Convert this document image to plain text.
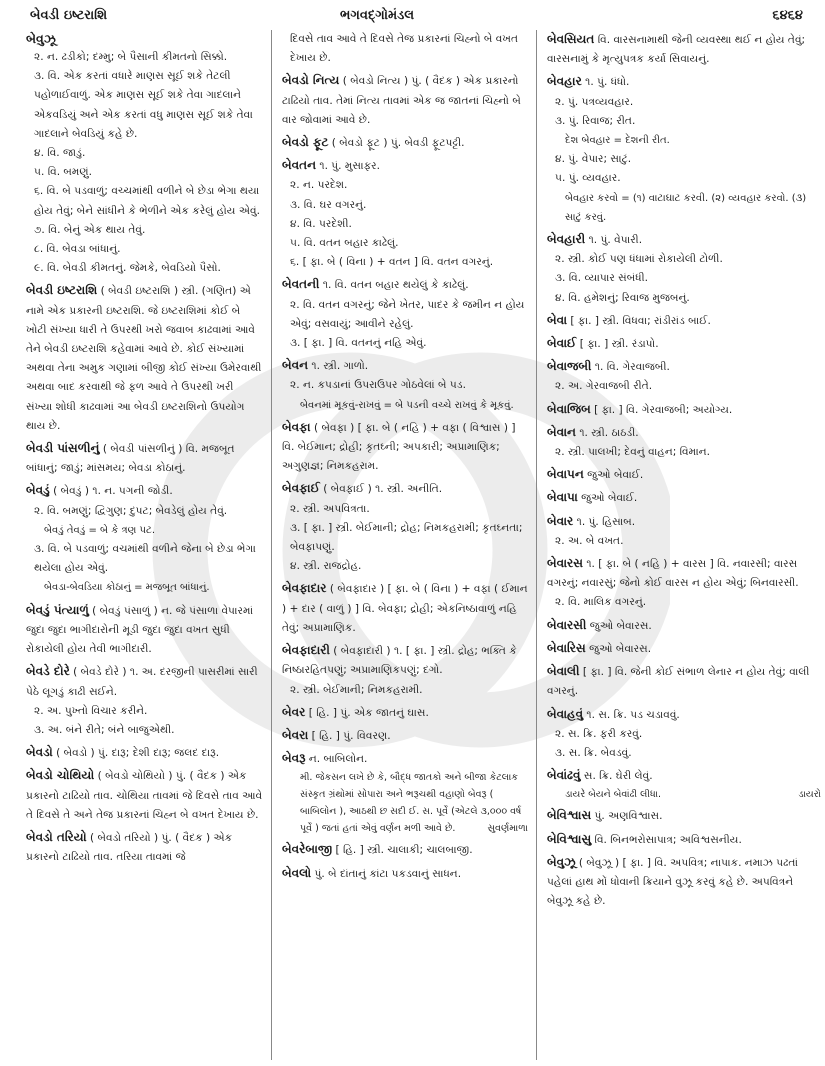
બેવડી ઇષ્ટરાશિ	ભગવદ્ગોમંડલ	૬૪૬૪
બેવુઝૂ
૨. ન. ઢડીકો; દમ્મુ; બે પૈસાની કીમતનો સિક્કો.
૩. વિ. એક કરતાં વધારે માણસ સૂઈ શકે તેટલી પહોળાઈવાળું. એક માણસ સૂઈ શકે તેવા ગાદલાને એકવડિયું અને એક કરતાં વધુ માણસ સૂઈ શકે તેવા ગાદલાને બેવડિયું કહે છે.
૪. વિ. જાડું.
૫. વિ. બમણું.
૬. વિ. બે પડવાળું; વચ્ચમાંથી વળીને બે છેડા ભેગા થયા હોય તેવું; બેને સાંધીને કે ભેળીને એક કરેલું હોય એવું.
૭. વિ. બેનું એક થાય તેવું.
૮. વિ. બેવડા બાંધાનું.
૯. વિ. બેવડી કીમતનું. જેમકે, બેવડિયો પૈસો.
બેવડી ઇષ્ટરાશિ ( બેવડી ઇષ્ટરાશિ ) સ્ત્રી. (ગણિત) એ નામે એક પ્રકારની ઇષ્ટરાશિ. જે ઇષ્ટરાશિમાં કોઈ બે ખોટી સંખ્યા ધારી તે ઉપરથી ખરો જવાબ કાઢવામાં આવે તેને બેવડી ઇષ્ટરાશિ કહેવામાં આવે છે. કોઈ સંખ્યામાં અથવા તેના અમુક ગણામાં બીજી કોઈ સંખ્યા ઉમેરવાથી અથવા બાદ કરવાથી જે ફળ આવે તે ઉપરથી ખરી સંખ્યા શોધી કાઢવામાં આ બેવડી ઇષ્ટરાશિનો ઉપયોગ થાય છે.
બેવડી પાંસળીનું ( બેવડી પાંસળીનું ) વિ. મજબૂત બાંધાનું; જાડું; માંસમય; બેવડા કોઠાનું.
બેવડું ( બેવડું ) ૧. ન. પગની જોડી.
૨. વિ. બમણું; દ્વિગુણ; દુપટ; બેવડેલું હોય તેવું.
બેવડું તેવડું = બે કે ત્રણ પટ.
૩. વિ. બે પડવાળું; વચમાંથી વળીને જેના બે છેડા ભેગા થયેલા હોય એવું.
બેવડા-બેવડિયા કોઠાનું = મજબૂત બાંધાનું.
બેવડું પંત્યાળું ( બેવડું પંસાળું ) ન. જે પંસાળા વેપારમાં જુદા જુદા ભાગીદારોની મૂડી જુદા જુદા વખત સુધી રોકાયેલી હોય તેવી ભાગીદારી.
બેવડે દોરે ( બેવડે દોરે ) ૧. અ. દરજીની પાસરીમાં સારી પેઠે લૂગડું કાઢી સઈને.
૨. અ. પુખ્તો વિચાર કરીને.
૩. અ. બંને રીતે; બંને બાજુએથી.
બેવડો ( બેવડો ) પું. દારૂ; દેશી દારૂ; જલદ દારૂ.
બેવડો ચોથિયો ( બેવડો ચોથિયો ) પું. ( વૈદક ) એક પ્રકારનો ટાઢિયો તાવ. ચોથિયા તાવમાં જે દિવસે તાવ આવે તે દિવસે તે અને તેજ પ્રકારનાં ચિહ્ન બે વખત દેખાય છે.
બેવડો તરિયો ( બેવડો તરિયો ) પું. ( વૈદક ) એક પ્રકારનો ટાઢિયો તાવ. તરિયા તાવમાં જે
દિવસે તાવ આવે તે દિવસે તેજ પ્રકારનાં ચિહ્નો બે વખત દેખાય છે.
બેવડો નિત્ય ( બેવડો નિત્ય ) પું. ( વૈદક ) એક પ્રકારનો ટાઢિયો તાવ. તેમાં નિત્ય તાવમાં એક જ જાતનાં ચિહ્નો બે વાર જોવામાં આવે છે.
બેવડો ફૂટ ( બેવડો ફૂટ ) પું. બેવડી ફૂટપટ્ટી.
બેવતન ૧. પું. મુસાફર.
૨. ન. પરદેશ.
૩. વિ. ઘર વગરનું.
૪. વિ. પરદેશી.
૫. વિ. વતન બહાર કાઢેલું.
૬. [ ફા. બે ( વિના ) + વતન ] વિ. વતન વગરનું.
બેવતની ૧. વિ. વતન બહાર થયેલું કે કાઢેલું.
૨. વિ. વતન વગરનું; જેને ખેતર, પાદર કે જમીન ન હોય એવું; વસવાયું; આવીને રહેલું.
૩. [ ફા. ] વિ. વતનનું નહિ એવું.
બેવન ૧. સ્ત્રી. ગાળો.
૨. ન. કપડાનાં ઉપરાઉપર ગોઠવેલાં બે પડ.
બેવનમાં મૂકવું-રાખવું = બે પડની વચ્ચે રાખવું કે મૂકવું.
બેવફા ( બેવફા ) [ ફા. બે ( નહિ ) + વફા ( વિશ્વાસ ) ] વિ. બેઈમાન; દ્રોહી; કૃતઘ્ની; અપકારી; અપ્રામાણિક; અગુણજ્ઞ; નિમકહરામ.
બેવફાઈ ( બેવફાઈ ) ૧. સ્ત્રી. અનીતિ.
૨. સ્ત્રી. અપવિત્રતા.
૩. [ ફા. ] સ્ત્રી. બેઈમાની; દ્રોહ; નિમકહરામી; કૃતઘ્નતા; બેવફાપણું.
૪. સ્ત્રી. રાજદ્રોહ.
બેવફાદાર ( બેવફાદાર ) [ ફા. બે ( વિના ) + વફા ( ઈમાન ) + દાર ( વાળું ) ] વિ. બેવફા; દ્રોહી; એકનિષ્ઠાવાળું નહિ તેવું; અપ્રામાણિક.
બેવફાદારી ( બેવફાદારી ) ૧. [ ફા. ] સ્ત્રી. દ્રોહ; ભક્તિ કે નિષ્ઠારહિતપણું; અપ્રામાણિકપણું; દગો.
૨. સ્ત્રી. બેઈમાની; નિમકહરામી.
બેવર [ હિ. ] પું. એક જાતનું ઘાસ.
બેવરા [ હિ. ] પું. વિવરણ.
બેવરૂ ન. બાબિલોન.
મી. જેકસન લખે છે કે, બૌદ્ધ જાતકો અને બીજા કેટલાક સંસ્કૃત ગ્રંથોમાં સોપારા અને ભરૂચથી વહાણો બેવરૂ ( બાબિલોન ), આઠથી છ સદી ઈ. સ. પૂર્વે (એટલે ૩,૦૦૦ વર્ષ પૂર્વે ) જતાં હતાં એવું વર્ણન મળી આવે છે.	સુવર્ણમાળા
બેવરેબાજી [ હિ. ] સ્ત્રી. ચાલાકી; ચાલબાજી.
બેવલો પું. બે દાંતાનું કાંટા પકડવાનું સાધન.
બેવસિયત વિ. વારસનામાથી જેની વ્યવસ્થા થઈ ન હોય તેવું; વારસનામું કે મૃત્યુપત્રક કર્યા સિવાયનું.
બેવહાર ૧. પું. ધંધો.
૨. પું. પત્રવ્યવહાર.
૩. પું. રિવાજ; રીત.
દેશ બેવહાર = દેશની રીત.
૪. પું. વેપાર; સાટું.
૫. પું. વ્યવહાર.
બેવહાર કરવો = (૧) વાટાઘાટ કરવી. (૨) વ્યવહાર કરવો. (૩) સાટું કરવું.
બેવહારી ૧. પું. વેપારી.
૨. સ્ત્રી. કોઈ પણ ધંધામાં રોકાયેલી ટોળી.
૩. વિ. વ્યાપાર સંબંધી.
૪. વિ. હમેશનું; રિવાજ મુજબનું.
બેવા [ ફા. ] સ્ત્રી. વિધવા; રાંડીરાંડ બાઈ.
બેવાઈ [ ફા. ] સ્ત્રી. રંડાપો.
બેવાજબી ૧. વિ. ગેરવાજબી.
૨. અ. ગેરવાજબી રીતે.
બેવાજિબ [ ફા. ] વિ. ગેરવાજબી; અયોગ્ય.
બેવાન ૧. સ્ત્રી. ઠાઠડી.
૨. સ્ત્રી. પાલખી; દેવનું વાહન; વિમાન.
બેવાપન જુઓ બેવાઈ.
બેવાપા જુઓ બેવાઈ.
બેવાર ૧. પું. હિસાબ.
૨. અ. બે વખત.
બેવારસ ૧. [ ફા. બે ( નહિ ) + વારસ ] વિ. નવારસી; વારસ વગરનું; નવારસું; જેનો કોઈ વારસ ન હોય એવું; બિનવારસી.
૨. વિ. માલિક વગરનું.
બેવારસી જુઓ બેવારસ.
બેવારિસ જુઓ બેવારસ.
બેવાલી [ ફા. ] વિ. જેની કોઈ સંભાળ લેનાર ન હોય તેવું; વાલી વગરનું.
બેવાહવું ૧. સ. ક્રિ. પડ ચડાવવું.
૨. સ. ક્રિ. ફરી કરવું.
૩. સ. ક્રિ. બેવડવું.
બેવાંઢવું સ. ક્રિ. ઘેરી લેવું.
ડાયરે બેયને બેવાંઢી લીધા.	ડાયરો
બેવિશ્વાસ પું. અણવિશ્વાસ.
બેવિશ્વાસુ વિ. બિનભરોસાપાત્ર; અવિશ્વસનીય.
બેવુઝૂ ( બેવુઝૂ ) [ ફા. ] વિ. અપવિત્ર; નાપાક. નમાઝ પઢતાં પહેલાં હાથ મોં ધોવાની ક્રિયાને વુઝૂ કરવું કહે છે. અપવિત્રને બેવુઝૂ કહે છે.
